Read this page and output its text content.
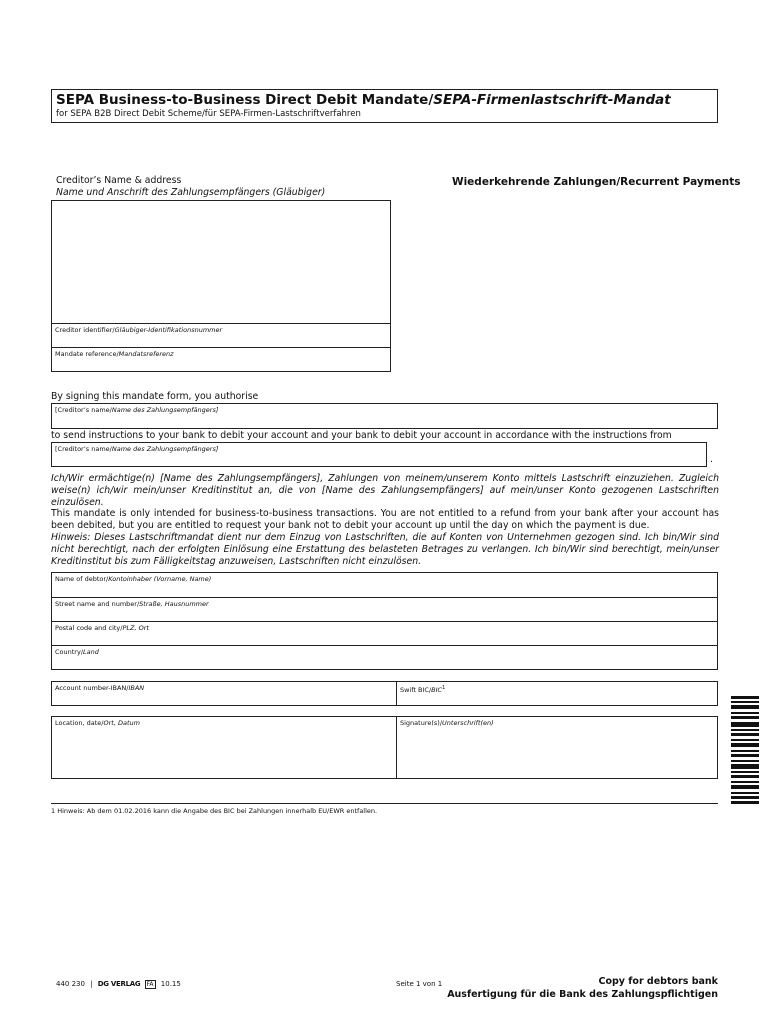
SEPA Business-to-Business Direct Debit Mandate/SEPA-Firmenlastschrift-Mandat
for SEPA B2B Direct Debit Scheme/für SEPA-Firmen-Lastschriftverfahren
Creditor’s Name & address
Name und Anschrift des Zahlungsempfängers (Gläubiger)
Wiederkehrende Zahlungen/Recurrent Payments
Creditor identifier/Gläubiger-Identifikationsnummer
Mandate reference/Mandatsreferenz
By signing this mandate form, you authorise
[Creditor’s name/Name des Zahlungsempfängers]
to send instructions to your bank to debit your account and your bank to debit your account in accordance with the instructions from
[Creditor’s name/Name des Zahlungsempfängers]
.
Ich/Wir ermächtige(n) [Name des Zahlungsempfängers], Zahlungen von meinem/unserem Konto mittels Lastschrift einzuziehen. Zugleich weise(n) ich/wir mein/unser Kreditinstitut an, die von [Name des Zahlungsempfängers] auf mein/unser Konto gezogenen Lastschriften einzulösen.
This mandate is only intended for business-to-business transactions. You are not entitled to a refund from your bank after your account has been debited, but you are entitled to request your bank not to debit your account up until the day on which the payment is due.
Hinweis: Dieses Lastschriftmandat dient nur dem Einzug von Lastschriften, die auf Konten von Unternehmen gezogen sind. Ich bin/Wir sind nicht berechtigt, nach der erfolgten Einlösung eine Erstattung des belasteten Betrages zu verlangen. Ich bin/Wir sind berechtigt, mein/unser Kreditinstitut bis zum Fälligkeitstag anzuweisen, Lastschriften nicht einzulösen.
Name of debtor/Kontoinhaber (Vorname, Name)
Street name and number/Straße, Hausnummer
Postal code and city/PLZ, Ort
Country/Land
Account number-IBAN/IBAN	Swift BIC/BIC$^1$
Location, date/Ort, Datum	Signature(s)/Unterschrift(en)
1 Hinweis: Ab dem 01.02.2016 kann die Angabe des BIC bei Zahlungen innerhalb EU/EWR entfallen.
440 230 | DG VERLAG FA 10.15	Seite 1 von 1	Copy for debtors bank
Ausfertigung für die Bank des Zahlungspflichtigen
